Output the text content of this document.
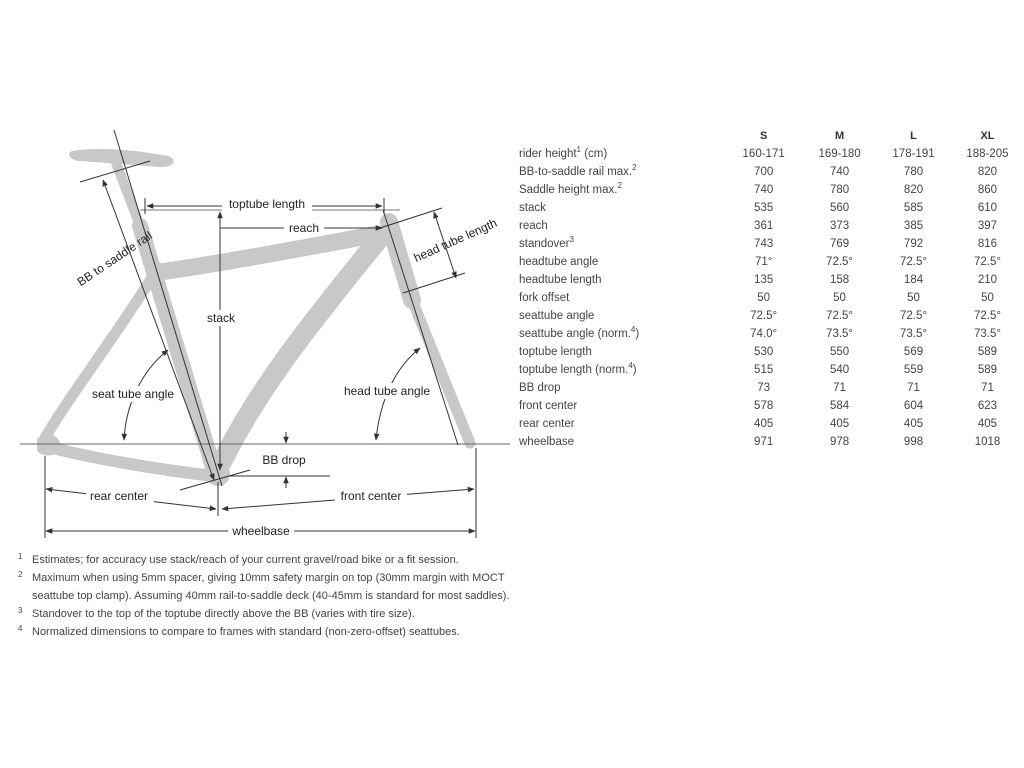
toptube length
reach
stack
BB to saddle rail	head tube length
seat tube angle	head tube angle
BB drop
rear center	front center
wheelbase
	S	M	L	XL
rider height$^1$ (cm)	160-171	169-180	178-191	188-205
BB-to-saddle rail max.$^2$	700	740	780	820
Saddle height max.$^2$	740	780	820	860
stack	535	560	585	610
reach	361	373	385	397
standover$^3$	743	769	792	816
headtube angle	71°	72.5°	72.5°	72.5°
headtube length	135	158	184	210
fork offset	50	50	50	50
seattube angle	72.5°	72.5°	72.5°	72.5°
seattube angle (norm.$^4$)	74.0°	73.5°	73.5°	73.5°
toptube length	530	550	569	589
toptube length (norm.$^4$)	515	540	559	589
BB drop	73	71	71	71
front center	578	584	604	623
rear center	405	405	405	405
wheelbase	971	978	998	1018
1 Estimates; for accuracy use stack/reach of your current gravel/road bike or a fit session.
2 Maximum when using 5mm spacer, giving 10mm safety margin on top (30mm margin with MOCT
seattube top clamp). Assuming 40mm rail-to-saddle deck (40-45mm is standard for most saddles).
3 Standover to the top of the toptube directly above the BB (varies with tire size).
4 Normalized dimensions to compare to frames with standard (non-zero-offset) seattubes.
